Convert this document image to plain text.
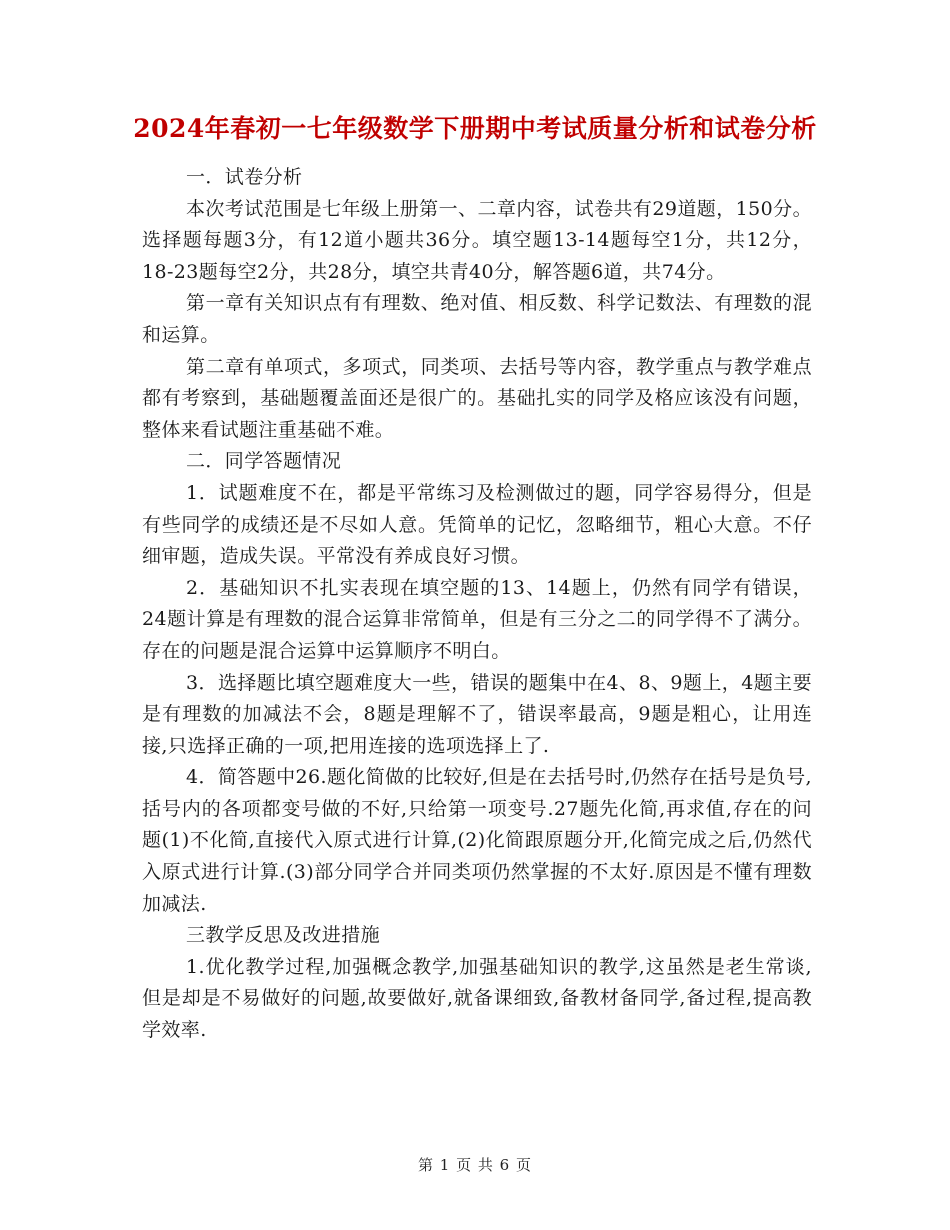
2024年春初一七年级数学下册期中考试质量分析和试卷分析

一．试卷分析

本次考试范围是七年级上册第一、二章内容，试卷共有29道题，150分。选择题每题3分，有12道小题共36分。填空题13-14题每空1分，共12分，18-23题每空2分，共28分，填空共青40分，解答题6道，共74分。

第一章有关知识点有有理数、绝对值、相反数、科学记数法、有理数的混和运算。

第二章有单项式，多项式，同类项、去括号等内容，教学重点与教学难点都有考察到，基础题覆盖面还是很广的。基础扎实的同学及格应该没有问题，整体来看试题注重基础不难。

二．同学答题情况

1．试题难度不在，都是平常练习及检测做过的题，同学容易得分，但是有些同学的成绩还是不尽如人意。凭简单的记忆，忽略细节，粗心大意。不仔细审题，造成失误。平常没有养成良好习惯。

2．基础知识不扎实表现在填空题的13、14题上，仍然有同学有错误，24题计算是有理数的混合运算非常简单，但是有三分之二的同学得不了满分。存在的问题是混合运算中运算顺序不明白。

3．选择题比填空题难度大一些，错误的题集中在4、8、9题上，4题主要是有理数的加减法不会，8题是理解不了，错误率最高，9题是粗心，让用连接,只选择正确的一项,把用连接的选项选择上了.

4．简答题中26.题化简做的比较好,但是在去括号时,仍然存在括号是负号,括号内的各项都变号做的不好,只给第一项变号.27题先化简,再求值,存在的问题(1)不化简,直接代入原式进行计算,(2)化简跟原题分开,化简完成之后,仍然代入原式进行计算.(3)部分同学合并同类项仍然掌握的不太好.原因是不懂有理数加减法.

三教学反思及改进措施

1.优化教学过程,加强概念教学,加强基础知识的教学,这虽然是老生常谈,但是却是不易做好的问题,故要做好,就备课细致,备教材备同学,备过程,提高教学效率.

第 1 页 共 6 页
